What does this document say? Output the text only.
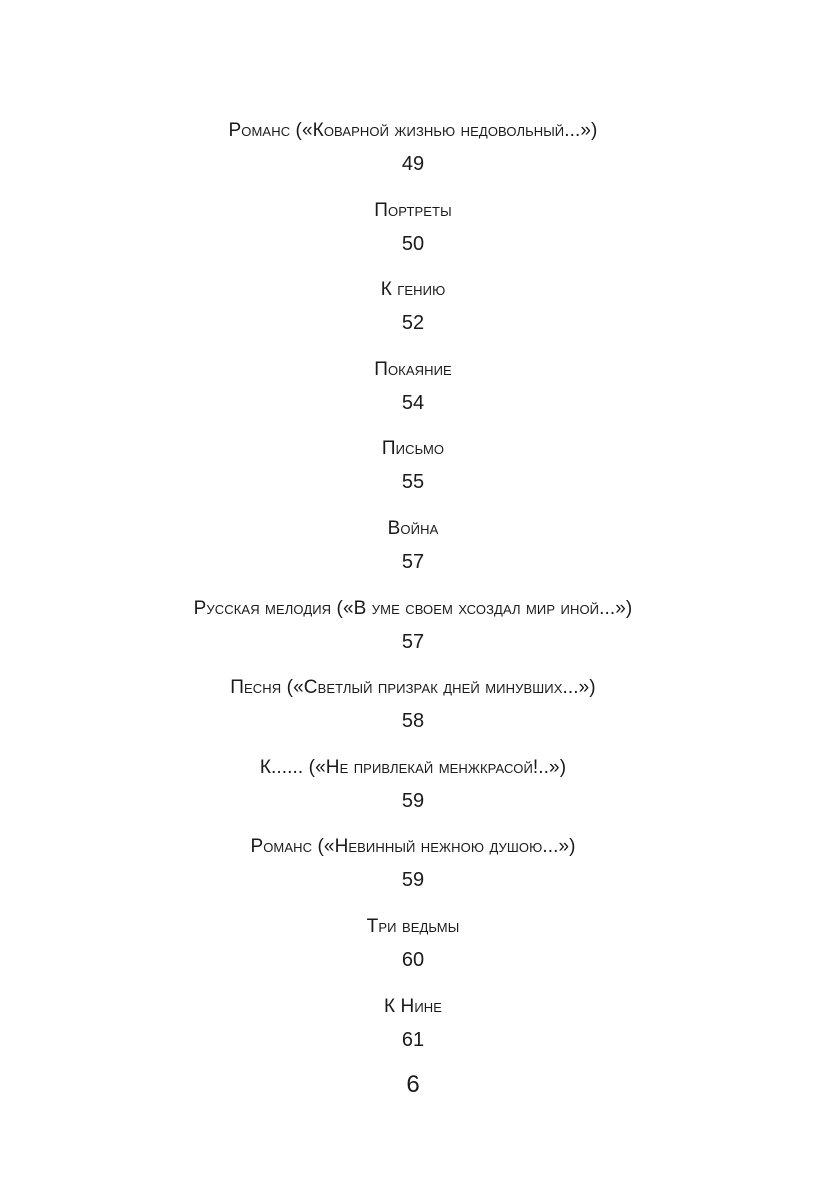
Романс («Коварной жизнью недовольный...»)
49
Портреты
50
К гению
52
Покаяние
54
Письмо
55
Война
57
Русская мелодия («В уме своем хсоздал мир иной...»)
57
Песня («Светлый призрак дней минувших...»)
58
К...... («Не привлекай менжкрасой!..»)
59
Романс («Невинный нежною душою...»)
59
Три ведьмы
60
К Нине
61
6
